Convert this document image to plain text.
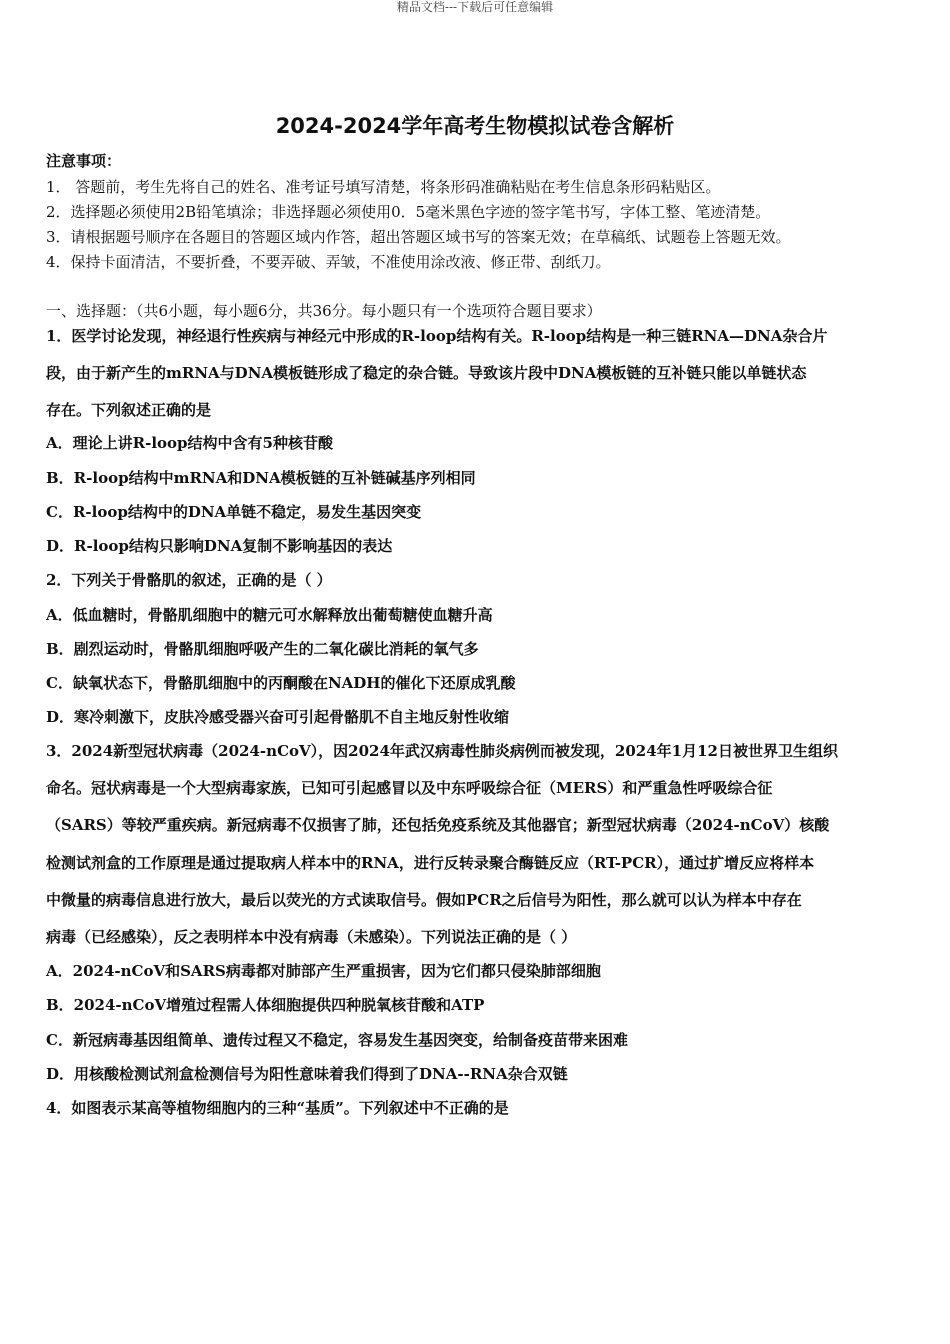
精品文档---下载后可任意编辑
2024-2024学年高考生物模拟试卷含解析
注意事项：
1． 答题前，考生先将自己的姓名、准考证号填写清楚，将条形码准确粘贴在考生信息条形码粘贴区。
2．选择题必须使用2B铅笔填涂；非选择题必须使用0．5毫米黑色字迹的签字笔书写，字体工整、笔迹清楚。
3．请根据题号顺序在各题目的答题区域内作答，超出答题区域书写的答案无效；在草稿纸、试题卷上答题无效。
4．保持卡面清洁，不要折叠，不要弄破、弄皱，不准使用涂改液、修正带、刮纸刀。
一、选择题：（共6小题，每小题6分，共36分。每小题只有一个选项符合题目要求）
1．医学讨论发现，神经退行性疾病与神经元中形成的R-loop结构有关。R-loop结构是一种三链RNA—DNA杂合片
段，由于新产生的mRNA与DNA模板链形成了稳定的杂合链。导致该片段中DNA模板链的互补链只能以单链状态
存在。下列叙述正确的是
A．理论上讲R-loop结构中含有5种核苷酸
B．R-loop结构中mRNA和DNA模板链的互补链碱基序列相同
C．R-loop结构中的DNA单链不稳定，易发生基因突变
D．R-loop结构只影响DNA复制不影响基因的表达
2．下列关于骨骼肌的叙述，正确的是（ ）
A．低血糖时，骨骼肌细胞中的糖元可水解释放出葡萄糖使血糖升高
B．剧烈运动时，骨骼肌细胞呼吸产生的二氧化碳比消耗的氧气多
C．缺氧状态下，骨骼肌细胞中的丙酮酸在NADH的催化下还原成乳酸
D．寒冷刺激下，皮肤冷感受器兴奋可引起骨骼肌不自主地反射性收缩
3．2024新型冠状病毒（2024-nCoV），因2024年武汉病毒性肺炎病例而被发现，2024年1月12日被世界卫生组织
命名。冠状病毒是一个大型病毒家族，已知可引起感冒以及中东呼吸综合征（MERS）和严重急性呼吸综合征
（SARS）等较严重疾病。新冠病毒不仅损害了肺，还包括免疫系统及其他器官；新型冠状病毒（2024-nCoV）核酸
检测试剂盒的工作原理是通过提取病人样本中的RNA，进行反转录聚合酶链反应（RT-PCR），通过扩增反应将样本
中微量的病毒信息进行放大，最后以荧光的方式读取信号。假如PCR之后信号为阳性，那么就可以认为样本中存在
病毒（已经感染），反之表明样本中没有病毒（未感染）。下列说法正确的是（ ）
A．2024-nCoV和SARS病毒都对肺部产生严重损害，因为它们都只侵染肺部细胞
B．2024-nCoV增殖过程需人体细胞提供四种脱氧核苷酸和ATP
C．新冠病毒基因组简单、遗传过程又不稳定，容易发生基因突变，给制备疫苗带来困难
D．用核酸检测试剂盒检测信号为阳性意味着我们得到了DNA--RNA杂合双链
4．如图表示某高等植物细胞内的三种“基质”。下列叙述中不正确的是
